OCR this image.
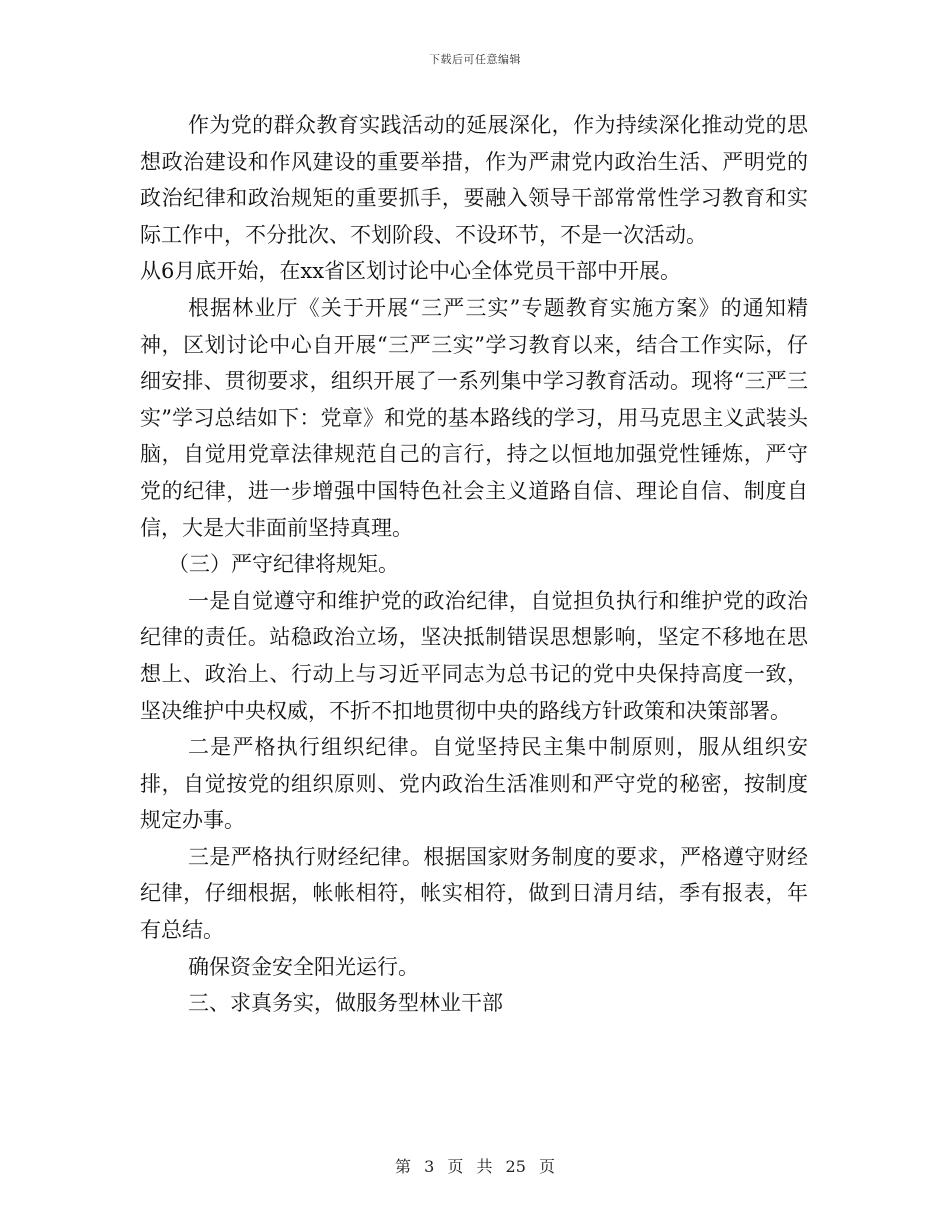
下载后可任意编辑

作为党的群众教育实践活动的延展深化，作为持续深化推动党的思想政治建设和作风建设的重要举措，作为严肃党内政治生活、严明党的政治纪律和政治规矩的重要抓手，要融入领导干部常常性学习教育和实际工作中，不分批次、不划阶段、不设环节，不是一次活动。

从6月底开始，在xx省区划讨论中心全体党员干部中开展。

根据林业厅《关于开展“三严三实”专题教育实施方案》的通知精神，区划讨论中心自开展“三严三实”学习教育以来，结合工作实际，仔细安排、贯彻要求，组织开展了一系列集中学习教育活动。现将“三严三实”学习总结如下：党章》和党的基本路线的学习，用马克思主义武装头脑，自觉用党章法律规范自己的言行，持之以恒地加强党性锤炼，严守党的纪律，进一步增强中国特色社会主义道路自信、理论自信、制度自信，大是大非面前坚持真理。

（三）严守纪律将规矩。

一是自觉遵守和维护党的政治纪律，自觉担负执行和维护党的政治纪律的责任。站稳政治立场，坚决抵制错误思想影响，坚定不移地在思想上、政治上、行动上与习近平同志为总书记的党中央保持高度一致，坚决维护中央权威，不折不扣地贯彻中央的路线方针政策和决策部署。

二是严格执行组织纪律。自觉坚持民主集中制原则，服从组织安排，自觉按党的组织原则、党内政治生活准则和严守党的秘密，按制度规定办事。

三是严格执行财经纪律。根据国家财务制度的要求，严格遵守财经纪律，仔细根据，帐帐相符，帐实相符，做到日清月结，季有报表，年有总结。

确保资金安全阳光运行。

三、求真务实，做服务型林业干部

第 3 页 共 25 页
